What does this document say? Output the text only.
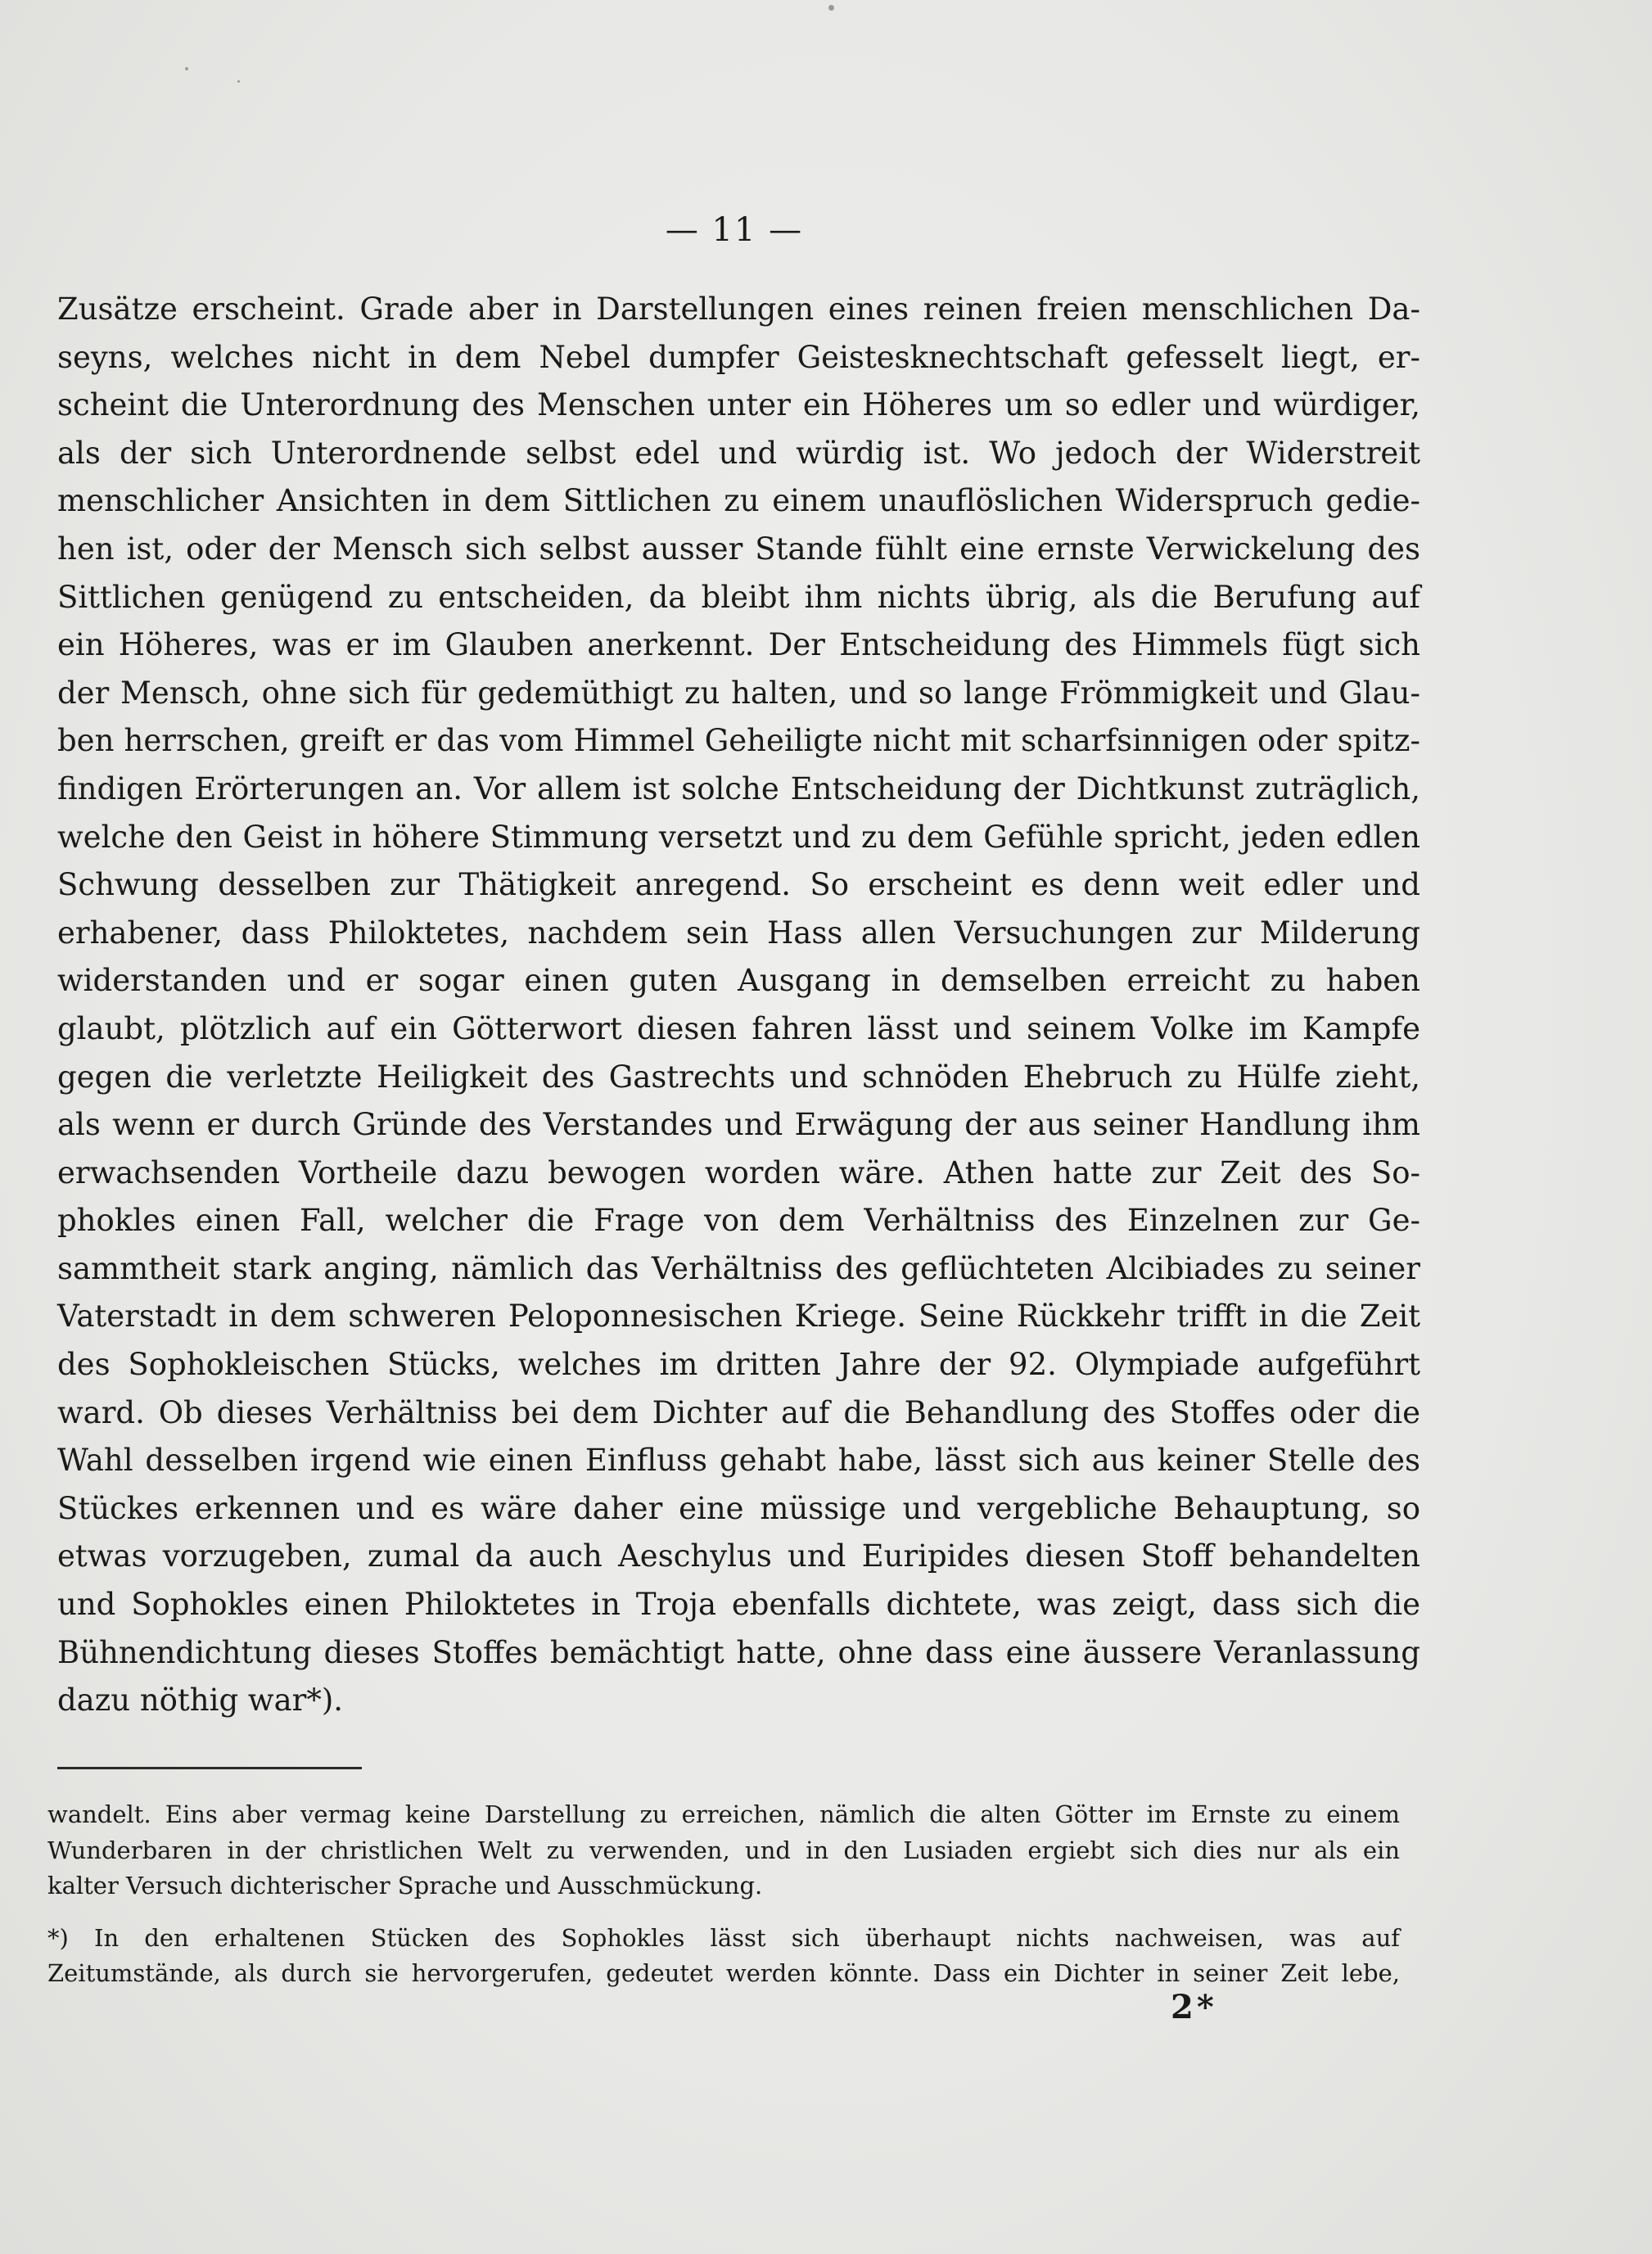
— 11 —
Zusätze erscheint. Grade aber in Darstellungen eines reinen freien menschlichen Da-
seyns, welches nicht in dem Nebel dumpfer Geistesknechtschaft gefesselt liegt, er-
scheint die Unterordnung des Menschen unter ein Höheres um so edler und würdiger,
als der sich Unterordnende selbst edel und würdig ist. Wo jedoch der Widerstreit
menschlicher Ansichten in dem Sittlichen zu einem unauflöslichen Widerspruch gedie-
hen ist, oder der Mensch sich selbst ausser Stande fühlt eine ernste Verwickelung des
Sittlichen genügend zu entscheiden, da bleibt ihm nichts übrig, als die Berufung auf
ein Höheres, was er im Glauben anerkennt. Der Entscheidung des Himmels fügt sich
der Mensch, ohne sich für gedemüthigt zu halten, und so lange Frömmigkeit und Glau-
ben herrschen, greift er das vom Himmel Geheiligte nicht mit scharfsinnigen oder spitz-
findigen Erörterungen an. Vor allem ist solche Entscheidung der Dichtkunst zuträglich,
welche den Geist in höhere Stimmung versetzt und zu dem Gefühle spricht, jeden edlen
Schwung desselben zur Thätigkeit anregend. So erscheint es denn weit edler und
erhabener, dass Philoktetes, nachdem sein Hass allen Versuchungen zur Milderung
widerstanden und er sogar einen guten Ausgang in demselben erreicht zu haben
glaubt, plötzlich auf ein Götterwort diesen fahren lässt und seinem Volke im Kampfe
gegen die verletzte Heiligkeit des Gastrechts und schnöden Ehebruch zu Hülfe zieht,
als wenn er durch Gründe des Verstandes und Erwägung der aus seiner Handlung ihm
erwachsenden Vortheile dazu bewogen worden wäre. Athen hatte zur Zeit des So-
phokles einen Fall, welcher die Frage von dem Verhältniss des Einzelnen zur Ge-
sammtheit stark anging, nämlich das Verhältniss des geflüchteten Alcibiades zu seiner
Vaterstadt in dem schweren Peloponnesischen Kriege. Seine Rückkehr trifft in die Zeit
des Sophokleischen Stücks, welches im dritten Jahre der 92. Olympiade aufgeführt
ward. Ob dieses Verhältniss bei dem Dichter auf die Behandlung des Stoffes oder die
Wahl desselben irgend wie einen Einfluss gehabt habe, lässt sich aus keiner Stelle des
Stückes erkennen und es wäre daher eine müssige und vergebliche Behauptung, so
etwas vorzugeben, zumal da auch Aeschylus und Euripides diesen Stoff behandelten
und Sophokles einen Philoktetes in Troja ebenfalls dichtete, was zeigt, dass sich die
Bühnendichtung dieses Stoffes bemächtigt hatte, ohne dass eine äussere Veranlassung
dazu nöthig war*).
wandelt. Eins aber vermag keine Darstellung zu erreichen, nämlich die alten Götter im Ernste zu einem
Wunderbaren in der christlichen Welt zu verwenden, und in den Lusiaden ergiebt sich dies nur als ein
kalter Versuch dichterischer Sprache und Ausschmückung.
*) In den erhaltenen Stücken des Sophokles lässt sich überhaupt nichts nachweisen, was auf
Zeitumstände, als durch sie hervorgerufen, gedeutet werden könnte. Dass ein Dichter in seiner Zeit lebe,
2*
